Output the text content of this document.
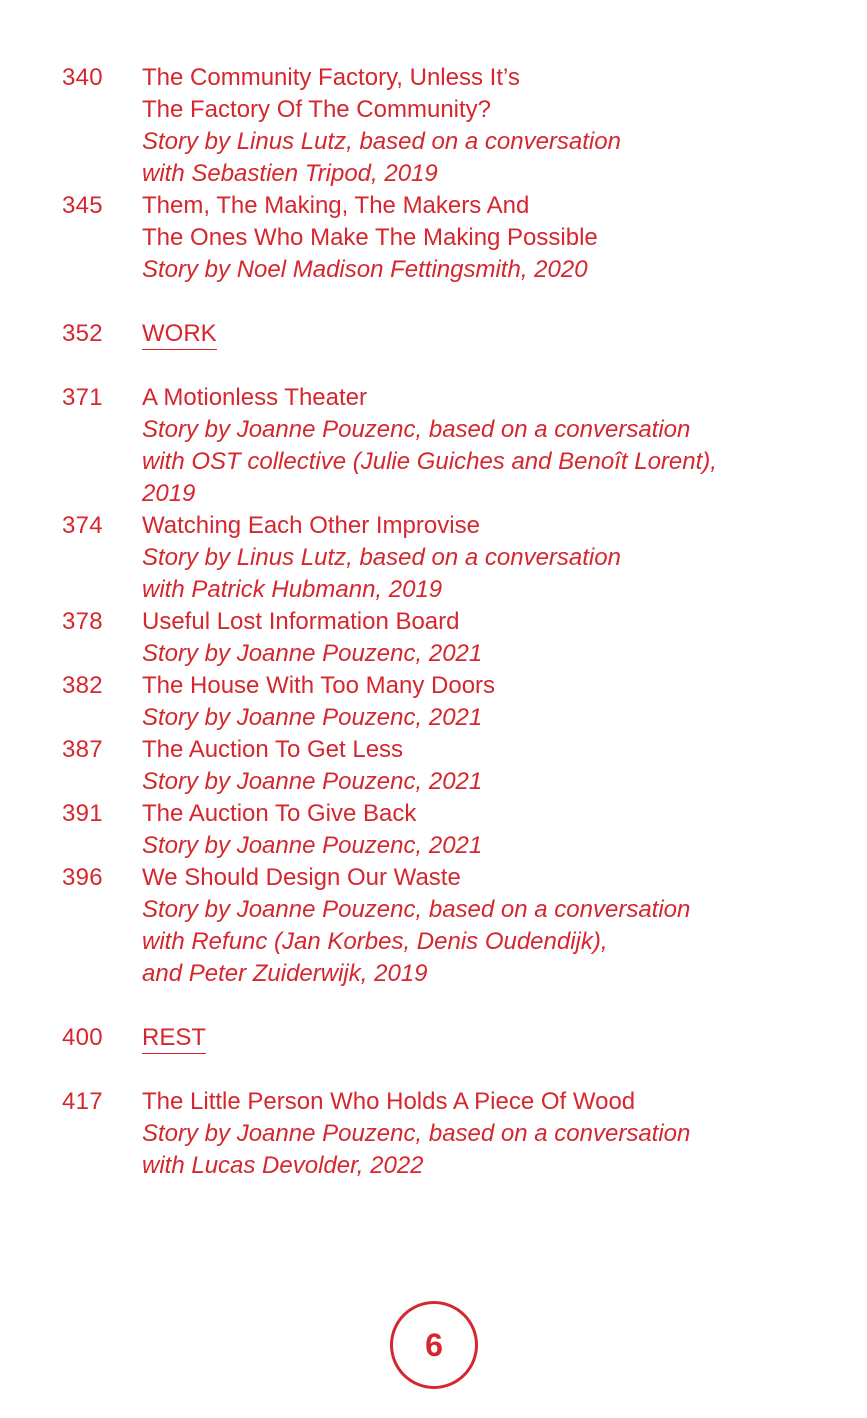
340	The Community Factory, Unless It’s
The Factory Of The Community?
Story by Linus Lutz, based on a conversation
with Sebastien Tripod, 2019
345	Them, The Making, The Makers And
The Ones Who Make The Making Possible
Story by Noel Madison Fettingsmith, 2020
352	WORK
371	A Motionless Theater
Story by Joanne Pouzenc, based on a conversation
with OST collective (Julie Guiches and Benoît Lorent),
2019
374	Watching Each Other Improvise
Story by Linus Lutz, based on a conversation
with Patrick Hubmann, 2019
378	Useful Lost Information Board
Story by Joanne Pouzenc, 2021
382	The House With Too Many Doors
Story by Joanne Pouzenc, 2021
387	The Auction To Get Less
Story by Joanne Pouzenc, 2021
391	The Auction To Give Back
Story by Joanne Pouzenc, 2021
396	We Should Design Our Waste
Story by Joanne Pouzenc, based on a conversation
with Refunc (Jan Korbes, Denis Oudendijk),
and Peter Zuiderwijk, 2019
400	REST
417	The Little Person Who Holds A Piece Of Wood
Story by Joanne Pouzenc, based on a conversation
with Lucas Devolder, 2022
6
